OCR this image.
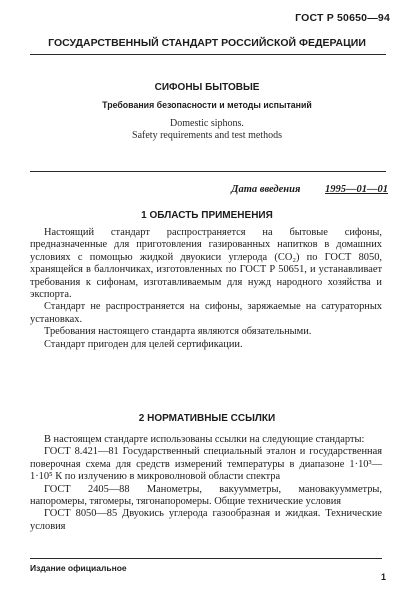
ГОСТ Р 50650—94
ГОСУДАРСТВЕННЫЙ СТАНДАРТ РОССИЙСКОЙ ФЕДЕРАЦИИ
СИФОНЫ БЫТОВЫЕ
Требования безопасности и методы испытаний
Domestic siphons.
Safety requirements and test methods
Дата введения 1995—01—01
1 ОБЛАСТЬ ПРИМЕНЕНИЯ

Настоящий стандарт распространяется на бытовые сифоны, предназначенные для приготовления газированных напитков в домашних условиях с помощью жидкой двуокиси углерода (CO₂) по ГОСТ 8050, хранящейся в баллончиках, изготовленных по ГОСТ Р 50651, и устанавливает требования к сифонам, изготавливаемым для нужд народного хозяйства и экспорта.

Стандарт не распространяется на сифоны, заряжаемые на сатураторных установках.

Требования настоящего стандарта являются обязательными.

Стандарт пригоден для целей сертификации.

2 НОРМАТИВНЫЕ ССЫЛКИ

В настоящем стандарте использованы ссылки на следующие стандарты:

ГОСТ 8.421—81 Государственный специальный эталон и государственная поверочная схема для средств измерений температуры в диапазоне 1·10³—1·10⁵ К по излучению в микроволновой области спектра

ГОСТ 2405—88 Манометры, вакуумметры, мановакуумметры, напоромеры, тягомеры, тягонапоромеры. Общие технические условия

ГОСТ 8050—85 Двуокись углерода газообразная и жидкая. Технические условия

Издание официальное
1
